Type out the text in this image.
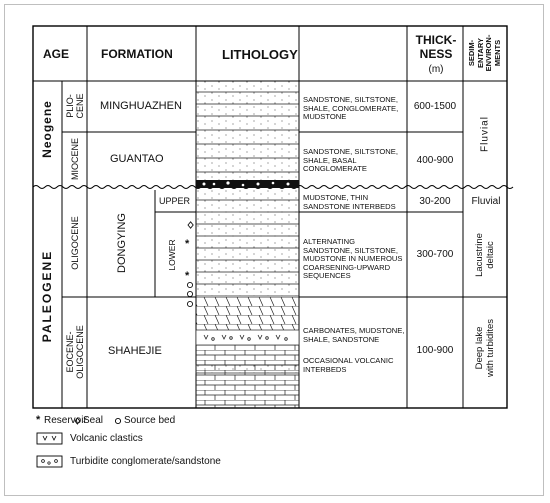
AGE	FORMATION	LITHOLOGY
THICK-
NESS
(m)
SEDIM-
ENTARY
ENVIRON-
MENTS
Neogene
PALEOGENE
PLIO-
CENE
MIOCENE
OLIGOCENE
EOCENE-
OLIGOCENE
MINGHUAZHEN
GUANTAO
DONGYING
SHAHEJIE
UPPER
LOWER *
*
SANDSTONE, SILTSTONE, SHALE, CONGLOMERATE, MUDSTONE
SANDSTONE, SILTSTONE, SHALE, BASAL CONGLOMERATE
MUDSTONE, THIN SANDSTONE INTERBEDS
ALTERNATING SANDSTONE, SILTSTONE, MUDSTONE IN NUMEROUS COARSENING-UPWARD SEQUENCES
CARBONATES, MUDSTONE, SHALE, SANDSTONE
OCCASIONAL VOLCANIC INTERBEDS
600-1500
400-900
30-200
300-700
100-900
Fluvial
Fluvial
Lacustrine
deltaic
Deep lake
with turbidites
* Reservoir
Seal Source bed
Volcanic clastics
Turbidite conglomerate/sandstone
